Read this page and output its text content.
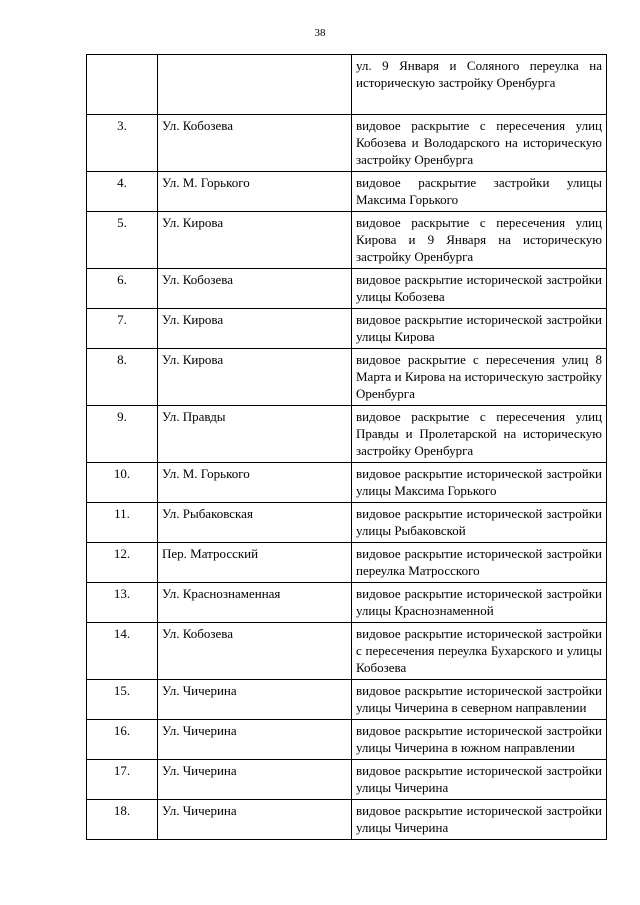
38
		ул. 9 Января и Соляного переулка на историческую застройку Оренбурга
3.	Ул. Кобозева	видовое раскрытие с пересечения улиц Кобозева и Володарского на историческую застройку Оренбурга
4.	Ул. М. Горького	видовое раскрытие застройки улицы Максима Горького
5.	Ул. Кирова	видовое раскрытие с пересечения улиц Кирова и 9 Января на историческую застройку Оренбурга
6.	Ул. Кобозева	видовое раскрытие исторической застройки улицы Кобозева
7.	Ул. Кирова	видовое раскрытие исторической застройки улицы Кирова
8.	Ул. Кирова	видовое раскрытие с пересечения улиц 8 Марта и Кирова на историческую застройку Оренбурга
9.	Ул. Правды	видовое раскрытие с пересечения улиц Правды и Пролетарской на историческую застройку Оренбурга
10.	Ул. М. Горького	видовое раскрытие исторической застройки улицы Максима Горького
11.	Ул. Рыбаковская	видовое раскрытие исторической застройки улицы Рыбаковской
12.	Пер. Матросский	видовое раскрытие исторической застройки переулка Матросского
13.	Ул. Краснознаменная	видовое раскрытие исторической застройки улицы Краснознаменной
14.	Ул. Кобозева	видовое раскрытие исторической застройки с пересечения переулка Бухарского и улицы Кобозева
15.	Ул. Чичерина	видовое раскрытие исторической застройки улицы Чичерина в северном направлении
16.	Ул. Чичерина	видовое раскрытие исторической застройки улицы Чичерина в южном направлении
17.	Ул. Чичерина	видовое раскрытие исторической застройки улицы Чичерина
18.	Ул. Чичерина	видовое раскрытие исторической застройки улицы Чичерина
